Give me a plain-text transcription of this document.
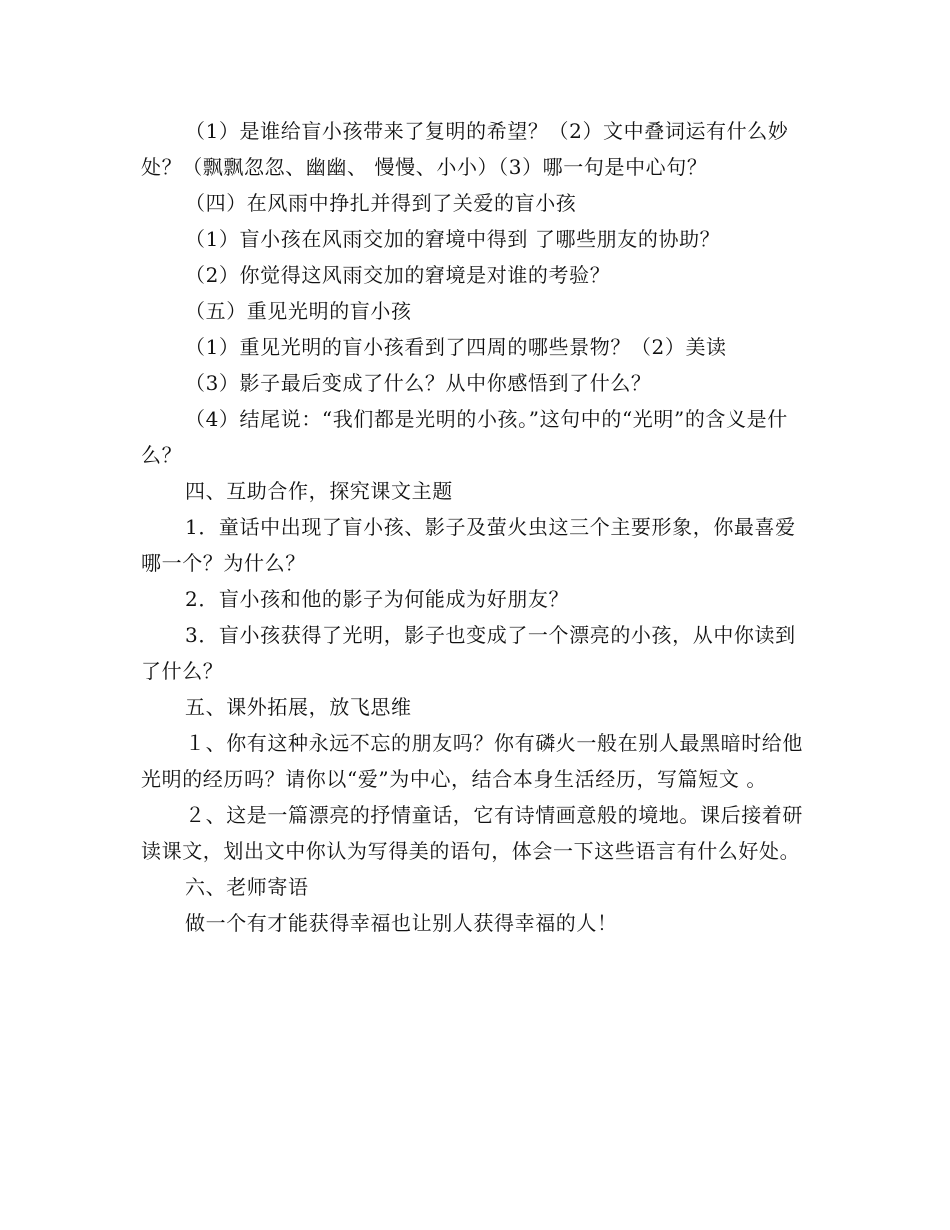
（1）是谁给盲小孩带来了复明的希望？（2）文中叠词运有什么妙处？（飘飘忽忽、幽幽、 慢慢、小小）（3）哪一句是中心句？

（四）在风雨中挣扎并得到了关爱的盲小孩

（1）盲小孩在风雨交加的窘境中得到 了哪些朋友的协助？

（2）你觉得这风雨交加的窘境是对谁的考验？

（五）重见光明的盲小孩

（1）重见光明的盲小孩看到了四周的哪些景物？（2）美读

（3）影子最后变成了什么？从中你感悟到了什么？

（4）结尾说：“我们都是光明的小孩。”这句中的“光明”的含义是什么？

四、互助合作，探究课文主题

1．童话中出现了盲小孩、影子及萤火虫这三个主要形象，你最喜爱哪一个？为什么？

2．盲小孩和他的影子为何能成为好朋友？

3．盲小孩获得了光明，影子也变成了一个漂亮的小孩，从中你读到了什么？

五、课外拓展，放飞思维

１、你有这种永远不忘的朋友吗？你有磷火一般在别人最黑暗时给他光明的经历吗？请你以“爱”为中心，结合本身生活经历，写篇短文 。

２、这是一篇漂亮的抒情童话，它有诗情画意般的境地。课后接着研读课文，划出文中你认为写得美的语句，体会一下这些语言有什么好处。

六、老师寄语

做一个有才能获得幸福也让别人获得幸福的人！
